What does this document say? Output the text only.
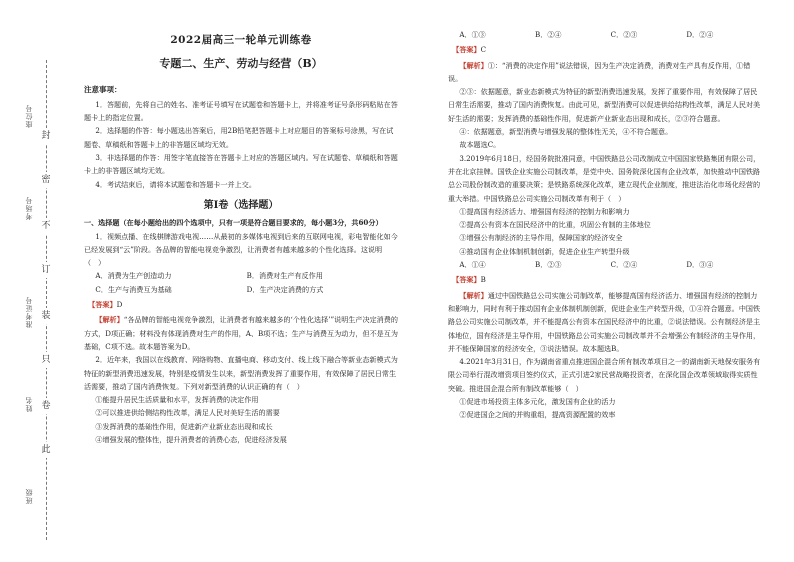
封
密
不
订
装
只
卷
此
座位号
考场号
准考证号
姓名
班级
2022届高三一轮单元训练卷
专题二、生产、劳动与经营（B）
注意事项：

1．答题前，先将自己的姓名、准考证号填写在试题卷和答题卡上，并将准考证号条形码粘贴在答题卡上的指定位置。

2．选择题的作答：每小题选出答案后，用2B铅笔把答题卡上对应题目的答案标号涂黑，写在试题卷、草稿纸和答题卡上的非答题区域均无效。

3．非选择题的作答：用签字笔直接答在答题卡上对应的答题区域内。写在试题卷、草稿纸和答题卡上的非答题区域均无效。

4．考试结束后，请将本试题卷和答题卡一并上交。

第Ⅰ卷（选择题）

一、选择题（在每小题给出的四个选项中，只有一项是符合题目要求的，每小题3分，共60分）

1．视频点播、在线棋牌游戏电视……从最初的多媒体电视到后来的互联网电视，彩电智能化如今已经发展到“云”阶段。各品牌的智能电视竞争激烈，让消费者有越来越多的个性化选择。这说明（　）

A．消费为生产创造动力	B．消费对生产有反作用
C．生产与消费互为基础	D．生产决定消费的方式
【答案】D

【解析】“各品牌的智能电视竞争激烈，让消费者有越来越多的‘个性化选择’”说明生产决定消费的方式，D项正确；材料没有体现消费对生产的作用，A、B项不选；生产与消费互为动力，但不是互为基础，C项不选。故本题答案为D。

2．近年来，我国以在线教育、网络购物、直播电商、移动支付、线上线下融合等新业态新模式为特征的新型消费迅速发展，特别是疫情发生以来，新型消费发挥了重要作用，有效保障了居民日常生活需要，推动了国内消费恢复。下列对新型消费的认识正确的有（　）

①能提升居民生活质量和水平，发挥消费的决定作用
②可以推进供给侧结构性改革，满足人民对美好生活的需要
③发挥消费的基础性作用，促进新产业新业态出现和成长
④增强发展的整体性，提升消费者的消费心态，促进经济发展
A．①③	B．②④	C．②③	D．②④
【答案】C

【解析】①：“消费的决定作用”说法错误，因为生产决定消费，消费对生产具有反作用，①错误。

②③：依据题意，新业态新模式为特征的新型消费迅速发展，发挥了重要作用，有效保障了居民日常生活需要，推动了国内消费恢复。由此可见，新型消费可以促进供给结构性改革，满足人民对美好生活的需要；发挥消费的基础性作用，促进新产业新业态出现和成长，②③符合题意。

④：依据题意，新型消费与增强发展的整体性无关，④不符合题意。

故本题选C。

3.2019年6月18日，经国务院批准同意，中国铁路总公司改制成立中国国家铁路集团有限公司，并在北京挂牌。国铁企业实施公司制改革，是党中央、国务院深化国有企业改革，加快推动中国铁路总公司股份制改造的重要决策；是铁路系统深化改革，建立现代企业制度，推进法治化市场化经营的重大举措。中国铁路总公司实施公司制改革有利于（　）

①提高国有经济活力、增强国有经济的控制力和影响力
②提高公有资本在国民经济中的比重，巩固公有制的主体地位
③增强公有制经济的主导作用，保障国家的经济安全
④推动国有企业体制机制创新，促进企业生产转型升级
A．①④	B．②③	C．②④	D．③④
【答案】B

【解析】通过中国铁路总公司实施公司制改革，能够提高国有经济活力、增强国有经济的控制力和影响力，同时有利于推动国有企业体制机制创新，促进企业生产转型升级，①④符合题意。中国铁路总公司实施公司制改革，并不能提高公有资本在国民经济中的比重，②说法错误。公有制经济是主体地位，国有经济是主导作用，中国铁路总公司实施公司制改革并不会增强公有制经济的主导作用，并不能保障国家的经济安全，③说法错误。故本题选B。

4.2021年3月31日，作为湖南省重点推进国企混合所有制改革项目之一的湖南新天地保安服务有限公司举行混改增资项目签约仪式，正式引进2家民营战略投资者，在深化国企改革领域取得实质性突破。推进国企混合所有制改革能够（　）

①促进市场投资主体多元化，激发国有企业的活力
②促进国企之间的并购重组，提高资源配置的效率
